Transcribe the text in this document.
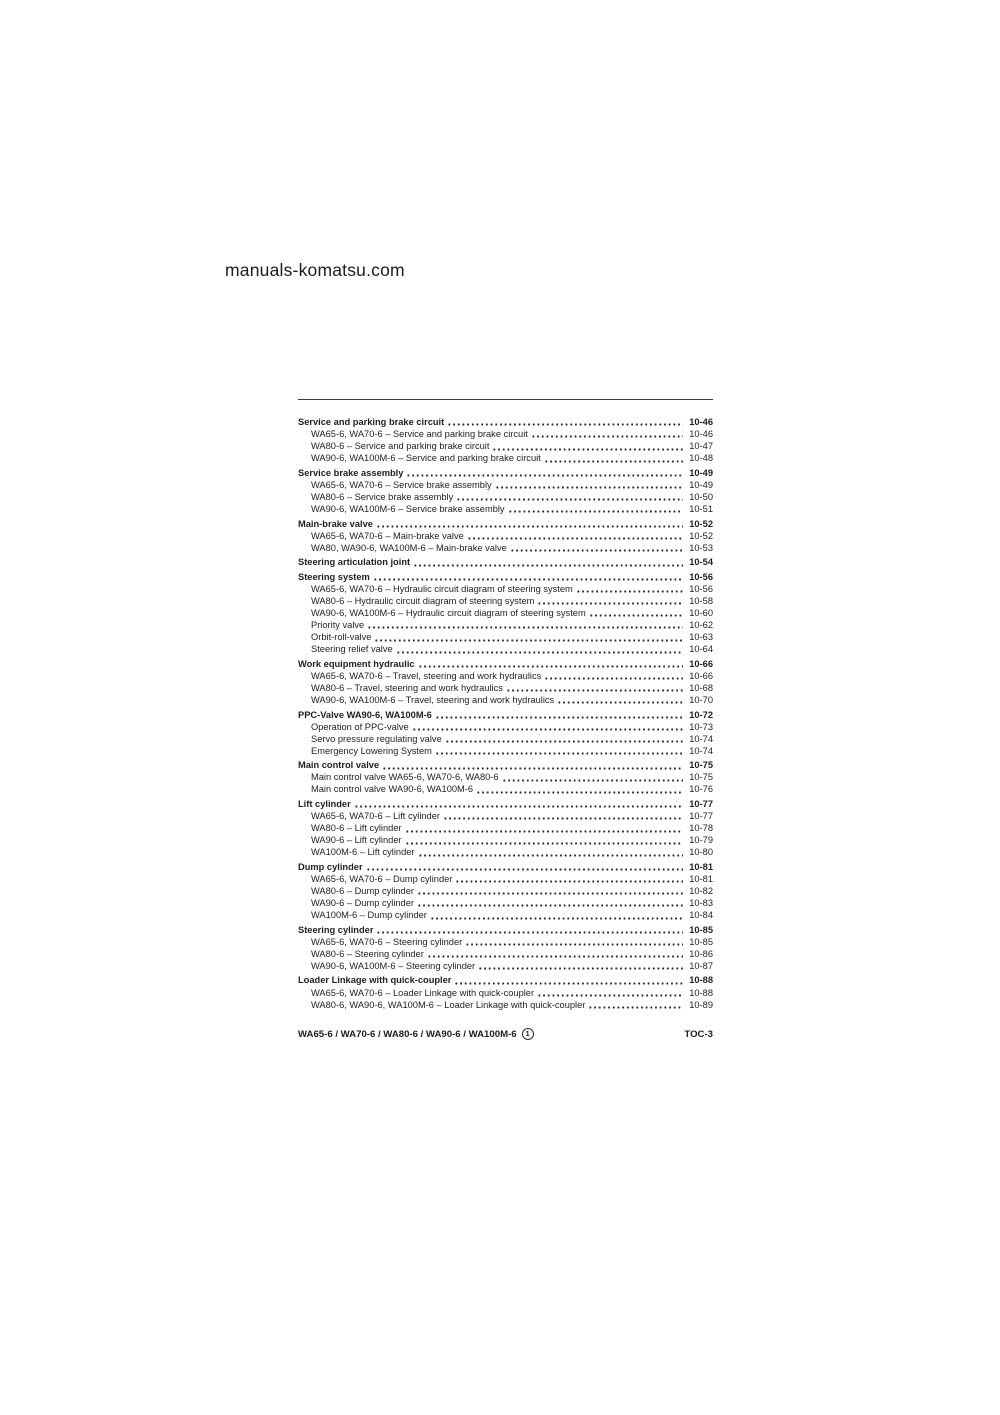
manuals-komatsu.com
Service and parking brake circuit	10-46
WA65-6, WA70-6 – Service and parking brake circuit	10-46
WA80-6 – Service and parking brake circuit	10-47
WA90-6, WA100M-6 – Service and parking brake circuit	10-48
Service brake assembly	10-49
WA65-6, WA70-6 – Service brake assembly	10-49
WA80-6 – Service brake assembly	10-50
WA90-6, WA100M-6 – Service brake assembly	10-51
Main-brake valve	10-52
WA65-6, WA70-6 – Main-brake valve	10-52
WA80, WA90-6, WA100M-6 – Main-brake valve	10-53
Steering articulation joint	10-54
Steering system	10-56
WA65-6, WA70-6 – Hydraulic circuit diagram of steering system	10-56
WA80-6 – Hydraulic circuit diagram of steering system	10-58
WA90-6, WA100M-6 – Hydraulic circuit diagram of steering system	10-60
Priority valve	10-62
Orbit-roll-valve	10-63
Steering relief valve	10-64
Work equipment hydraulic	10-66
WA65-6, WA70-6 – Travel, steering and work hydraulics	10-66
WA80-6 – Travel, steering and work hydraulics	10-68
WA90-6, WA100M-6 – Travel, steering and work hydraulics	10-70
PPC-Valve WA90-6, WA100M-6	10-72
Operation of PPC-valve	10-73
Servo pressure regulating valve	10-74
Emergency Lowering System	10-74
Main control valve	10-75
Main control valve WA65-6, WA70-6, WA80-6	10-75
Main control valve WA90-6, WA100M-6	10-76
Lift cylinder	10-77
WA65-6, WA70-6 – Lift cylinder	10-77
WA80-6 – Lift cylinder	10-78
WA90-6 – Lift cylinder	10-79
WA100M-6 – Lift cylinder	10-80
Dump cylinder	10-81
WA65-6, WA70-6 – Dump cylinder	10-81
WA80-6 – Dump cylinder	10-82
WA90-6 – Dump cylinder	10-83
WA100M-6 – Dump cylinder	10-84
Steering cylinder	10-85
WA65-6, WA70-6 – Steering cylinder	10-85
WA80-6 – Steering cylinder	10-86
WA90-6, WA100M-6 – Steering cylinder	10-87
Loader Linkage with quick-coupler	10-88
WA65-6, WA70-6 – Loader Linkage with quick-coupler	10-88
WA80-6, WA90-6, WA100M-6 – Loader Linkage with quick-coupler	10-89
WA65-6 / WA70-6 / WA80-6 / WA90-6 / WA100M-6	1	TOC-3
